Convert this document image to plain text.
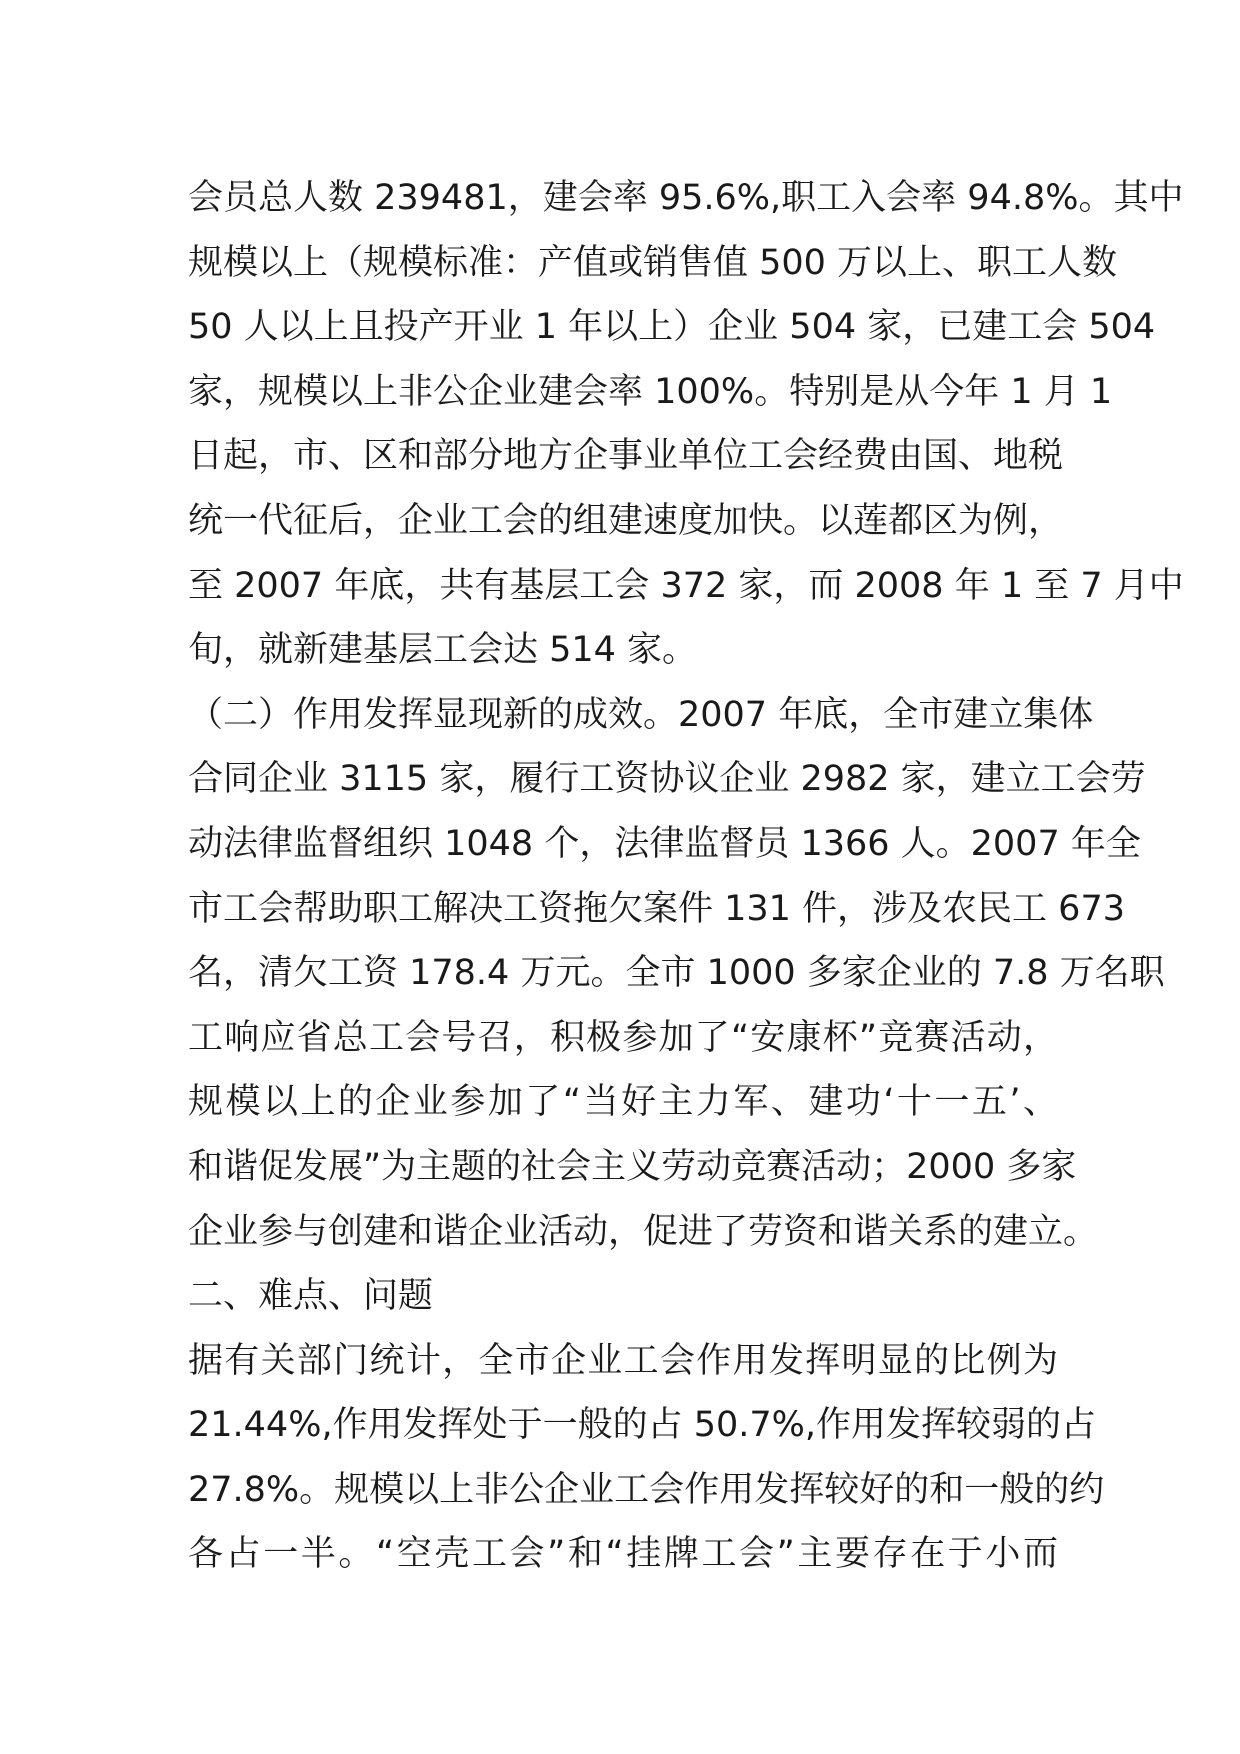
会员总人数 239481，建会率 95.6%,职工入会率 94.8%。其中
规模以上（规模标准：产值或销售值 500 万以上、职工人数
50 人以上且投产开业 1 年以上）企业 504 家，已建工会 504
家，规模以上非公企业建会率 100%。特别是从今年 1 月 1
日起，市、区和部分地方企事业单位工会经费由国、地税
统一代征后，企业工会的组建速度加快。以莲都区为例，
至 2007 年底，共有基层工会 372 家，而 2008 年 1 至 7 月中
旬，就新建基层工会达 514 家。
（二）作用发挥显现新的成效。2007 年底，全市建立集体
合同企业 3115 家，履行工资协议企业 2982 家，建立工会劳
动法律监督组织 1048 个，法律监督员 1366 人。2007 年全
市工会帮助职工解决工资拖欠案件 131 件，涉及农民工 673
名，清欠工资 178.4 万元。全市 1000 多家企业的 7.8 万名职
工响应省总工会号召，积极参加了“安康杯”竞赛活动，
规模以上的企业参加了“当好主力军、建功‘十一五’、
和谐促发展”为主题的社会主义劳动竞赛活动；2000 多家
企业参与创建和谐企业活动，促进了劳资和谐关系的建立。
二、难点、问题
据有关部门统计，全市企业工会作用发挥明显的比例为
21.44%,作用发挥处于一般的占 50.7%,作用发挥较弱的占
27.8%。规模以上非公企业工会作用发挥较好的和一般的约
各占一半。“空壳工会”和“挂牌工会”主要存在于小而
